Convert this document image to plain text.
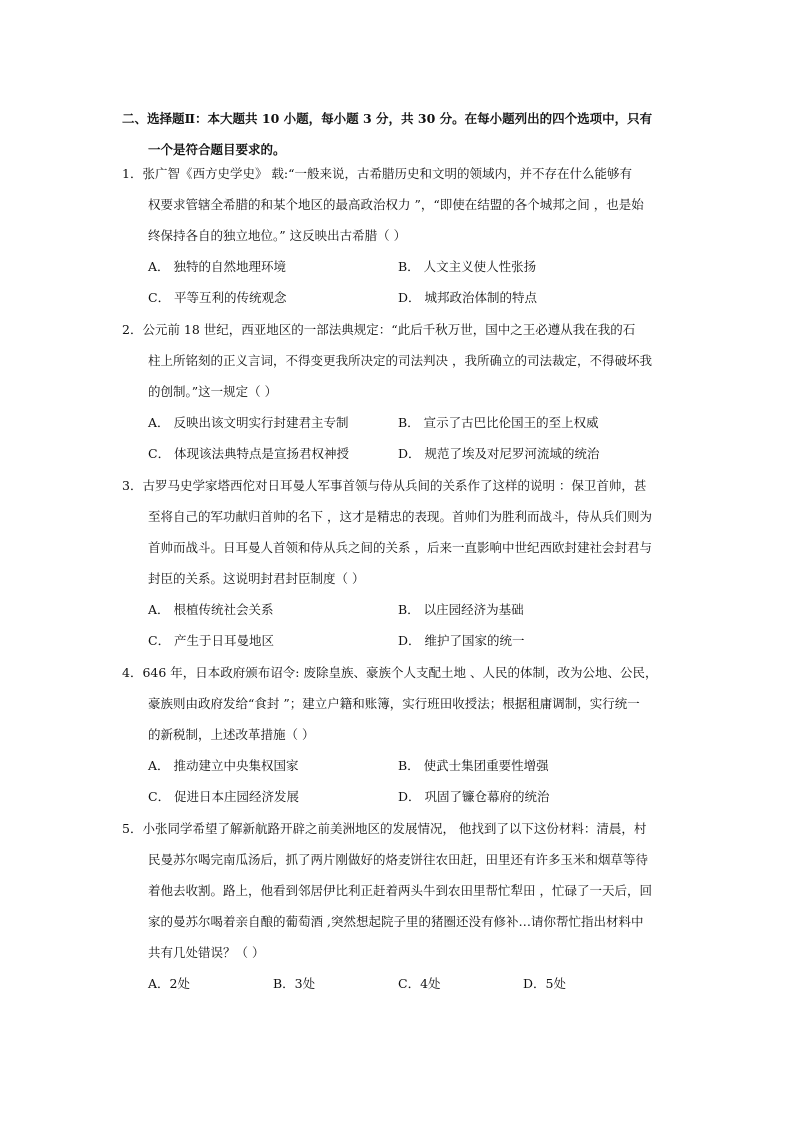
二、选择题Ⅱ：本大题共 10 小题，每小题 3 分，共 30 分。在每小题列出的四个选项中，只有
一个是符合题目要求的。
1．张广智《西方史学史》 载:“一般来说，古希腊历史和文明的领域内，并不存在什么能够有
权要求管辖全希腊的和某个地区的最高政治权力 ”，“即使在结盟的各个城邦之间 ，也是始
终保持各自的独立地位。” 这反映出古希腊（ ）
A． 独特的自然地理环境	B． 人文主义使人性张扬
C． 平等互利的传统观念	D． 城邦政治体制的特点
2．公元前 18 世纪，西亚地区的一部法典规定：“此后千秋万世，国中之王必遵从我在我的石
柱上所铭刻的正义言词，不得变更我所决定的司法判决 ，我所确立的司法裁定，不得破坏我
的创制。”这一规定（ ）
A． 反映出该文明实行封建君主专制	B． 宣示了古巴比伦国王的至上权威
C． 体现该法典特点是宣扬君权神授	D． 规范了埃及对尼罗河流域的统治
3．古罗马史学家塔西佗对日耳曼人军事首领与侍从兵间的关系作了这样的说明 ：保卫首帅，甚
至将自己的军功献归首帅的名下 ，这才是精忠的表现。首帅们为胜利而战斗，侍从兵们则为
首帅而战斗。日耳曼人首领和侍从兵之间的关系 ，后来一直影响中世纪西欧封建社会封君与
封臣的关系。这说明封君封臣制度（ ）
A． 根植传统社会关系	B． 以庄园经济为基础
C． 产生于日耳曼地区	D． 维护了国家的统一
4．646 年，日本政府颁布诏令: 废除皇族、豪族个人支配土地 、人民的体制，改为公地、公民，
豪族则由政府发给“食封 ”；建立户籍和账簿，实行班田收授法；根据租庸调制，实行统一
的新税制，上述改革措施（ ）
A． 推动建立中央集权国家	B． 使武士集团重要性增强
C． 促进日本庄园经济发展	D． 巩固了镰仓幕府的统治
5．小张同学希望了解新航路开辟之前美洲地区的发展情况， 他找到了以下这份材料：清晨，村
民曼苏尔喝完南瓜汤后，抓了两片刚做好的烙麦饼往农田赶，田里还有许多玉米和烟草等待
着他去收割。路上，他看到邻居伊比利正赶着两头牛到农田里帮忙犁田 ，忙碌了一天后，回
家的曼苏尔喝着亲自酿的葡萄酒 ,突然想起院子里的猪圈还没有修补…请你帮忙指出材料中
共有几处错误？（ ）
A．2处	B．3处	C．4处	D．5处
